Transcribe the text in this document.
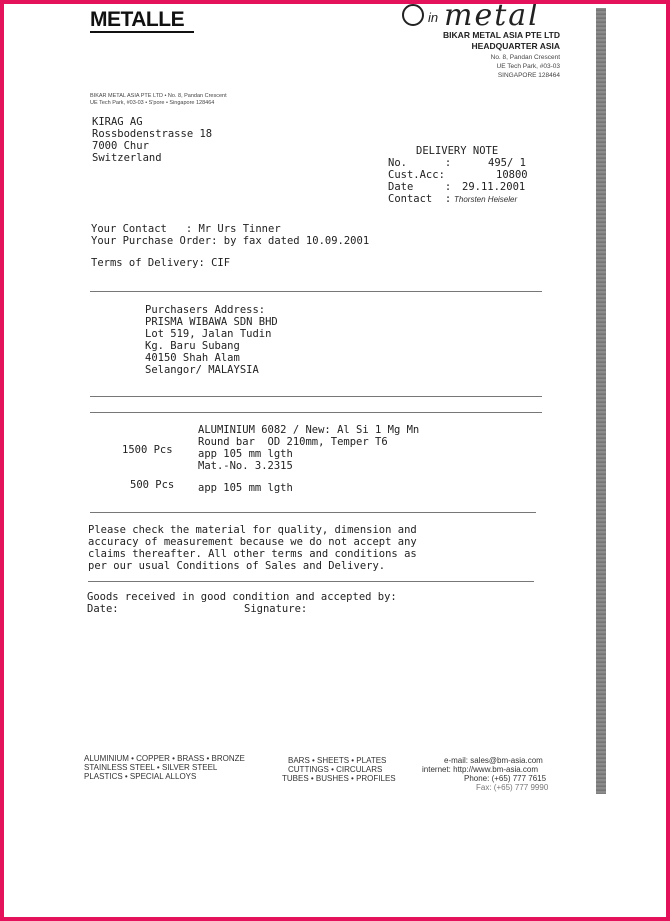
METALLE	in metal
BIKAR METAL ASIA PTE LTD
HEADQUARTER ASIA
No. 8, Pandan Crescent
UE Tech Park, #03-03
SINGAPORE 128464
BIKAR METAL ASIA PTE LTD • No. 8, Pandan Crescent
UE Tech Park, #03-03 • S'pore • Singapore 128464
KIRAG AG
Rossbodenstrasse 18
7000 Chur
Switzerland
DELIVERY NOTE
No.      :	495/ 1
Cust.Acc:	10800
Date     : 29.11.2001
Contact  : Thorsten Heiseler
Your Contact   : Mr Urs Tinner
Your Purchase Order: by fax dated 10.09.2001
Terms of Delivery: CIF
Purchasers Address:
PRISMA WIBAWA SDN BHD
Lot 519, Jalan Tudin
Kg. Baru Subang
40150 Shah Alam
Selangor/ MALAYSIA
ALUMINIUM 6082 / New: Al Si 1 Mg Mn
Round bar  OD 210mm, Temper T6
1500 Pcs app 105 mm lgth
Mat.-No. 3.2315
500 Pcs app 105 mm lgth
Please check the material for quality, dimension and
accuracy of measurement because we do not accept any
claims thereafter. All other terms and conditions as
per our usual Conditions of Sales and Delivery.
Goods received in good condition and accepted by:
Date:	Signature:
ALUMINIUM • COPPER • BRASS • BRONZE
STAINLESS STEEL • SILVER STEEL
PLASTICS • SPECIAL ALLOYS
BARS • SHEETS • PLATES
CUTTINGS • CIRCULARS
TUBES • BUSHES • PROFILES
e-mail: sales@bm-asia.com
internet: http://www.bm-asia.com
Phone: (+65) 777 7615
Fax: (+65) 777 9990
